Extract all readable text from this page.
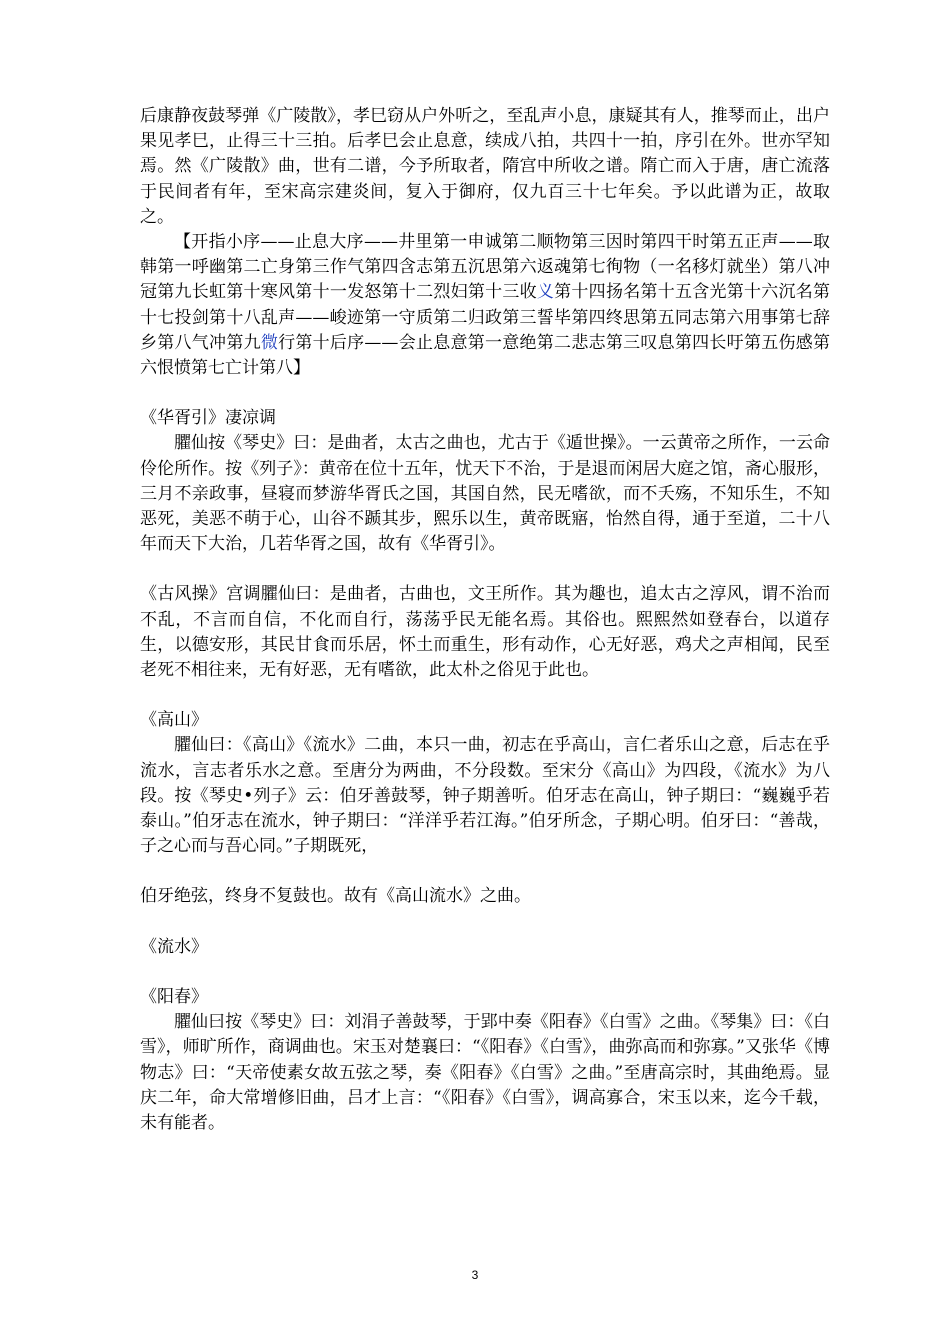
后康静夜鼓琴弹《广陵散》，孝巳窃从户外听之，至乱声小息，康疑其有人，推琴而止，出户果见孝巳，止得三十三拍。后孝巳会止息意，续成八拍，共四十一拍，序引在外。世亦罕知焉。然《广陵散》曲，世有二谱，今予所取者，隋宫中所收之谱。隋亡而入于唐，唐亡流落于民间者有年，至宋高宗建炎间，复入于御府，仅九百三十七年矣。予以此谱为正，故取之。

【开指小序——止息大序——井里第一申诚第二顺物第三因时第四干时第五正声——取韩第一呼幽第二亡身第三作气第四含志第五沉思第六返魂第七徇物（一名移灯就坐）第八冲冠第九长虹第十寒风第十一发怒第十二烈妇第十三收义第十四扬名第十五含光第十六沉名第十七投剑第十八乱声——峻迹第一守质第二归政第三誓毕第四终思第五同志第六用事第七辞乡第八气冲第九微行第十后序——会止息意第一意绝第二悲志第三叹息第四长吁第五伤感第六恨愤第七亡计第八】

《华胥引》凄凉调

臞仙按《琴史》曰：是曲者，太古之曲也，尤古于《遁世操》。一云黄帝之所作，一云命伶伦所作。按《列子》：黄帝在位十五年，忧天下不治，于是退而闲居大庭之馆，斋心服形，三月不亲政事，昼寝而梦游华胥氏之国，其国自然，民无嗜欲，而不夭殇，不知乐生，不知恶死，美恶不萌于心，山谷不踬其步，熙乐以生，黄帝既寤，怡然自得，通于至道，二十八年而天下大治，几若华胥之国，故有《华胥引》。

《古风操》宫调臞仙曰：是曲者，古曲也，文王所作。其为趣也，追太古之淳风，谓不治而不乱，不言而自信，不化而自行，荡荡乎民无能名焉。其俗也。熙熙然如登春台，以道存生，以德安形，其民甘食而乐居，怀土而重生，形有动作，心无好恶，鸡犬之声相闻，民至老死不相往来，无有好恶，无有嗜欲，此太朴之俗见于此也。

《高山》

臞仙曰：《高山》《流水》二曲，本只一曲，初志在乎高山，言仁者乐山之意，后志在乎流水，言志者乐水之意。至唐分为两曲，不分段数。至宋分《高山》为四段，《流水》为八段。按《琴史•列子》云：伯牙善鼓琴，钟子期善听。伯牙志在高山，钟子期曰：“巍巍乎若泰山。”伯牙志在流水，钟子期曰：“洋洋乎若江海。”伯牙所念，子期心明。伯牙曰：“善哉，子之心而与吾心同。”子期既死，

伯牙绝弦，终身不复鼓也。故有《高山流水》之曲。

《流水》

《阳春》

臞仙曰按《琴史》曰：刘涓子善鼓琴，于郢中奏《阳春》《白雪》之曲。《琴集》曰：《白雪》，师旷所作，商调曲也。宋玉对楚襄曰：“《阳春》《白雪》，曲弥高而和弥寡。”又张华《博物志》曰：“天帝使素女故五弦之琴，奏《阳春》《白雪》之曲。”至唐高宗时，其曲绝焉。显庆二年，命大常增修旧曲，吕才上言：“《阳春》《白雪》，调高寡合，宋玉以来，迄今千载，未有能者。

3
